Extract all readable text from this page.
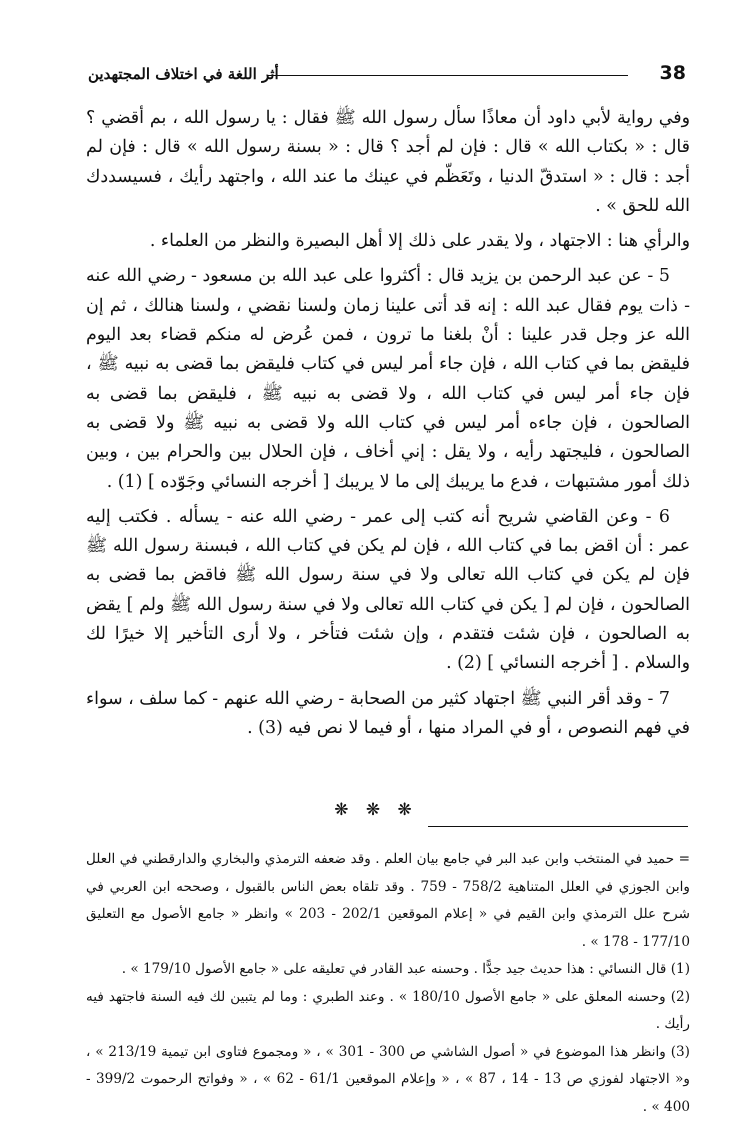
38
أثر اللغة في اختلاف المجتهدين

وفي رواية لأبي داود أن معاذًا سأل رسول الله ﷺ فقال : يا رسول الله ، بم أقضي ؟ قال : « بكتاب الله » قال : فإن لم أجد ؟ قال : « بسنة رسول الله » قال : فإن لم أجد : قال : « استدقّ الدنيا ، وتَعَظّم في عينك ما عند الله ، واجتهد رأيك ، فسيسددك الله للحق » .

والرأي هنا : الاجتهاد ، ولا يقدر على ذلك إلا أهل البصيرة والنظر من العلماء .

5 - عن عبد الرحمن بن يزيد قال : أكثروا على عبد الله بن مسعود - رضي الله عنه - ذات يوم فقال عبد الله : إنه قد أتى علينا زمان ولسنا نقضي ، ولسنا هنالك ، ثم إن الله عز وجل قدر علينا : أنْ بلغنا ما ترون ، فمن عُرض له منكم قضاء بعد اليوم فليقض بما في كتاب الله ، فإن جاء أمر ليس في كتاب فليقض بما قضى به نبيه ﷺ ، فإن جاء أمر ليس في كتاب الله ، ولا قضى به نبيه ﷺ ، فليقض بما قضى به الصالحون ، فإن جاءه أمر ليس في كتاب الله ولا قضى به نبيه ﷺ ولا قضى به الصالحون ، فليجتهد رأيه ، ولا يقل : إني أخاف ، فإن الحلال بين والحرام بين ، وبين ذلك أمور مشتبهات ، فدع ما يريبك إلى ما لا يريبك [ أخرجه النسائي وجَوّده ] (1) .

6 - وعن القاضي شريح أنه كتب إلى عمر - رضي الله عنه - يسأله . فكتب إليه عمر : أن اقض بما في كتاب الله ، فإن لم يكن في كتاب الله ، فبسنة رسول الله ﷺ فإن لم يكن في كتاب الله تعالى ولا في سنة رسول الله ﷺ فاقض بما قضى به الصالحون ، فإن لم [ يكن في كتاب الله تعالى ولا في سنة رسول الله ﷺ ولم ] يقض به الصالحون ، فإن شئت فتقدم ، وإن شئت فتأخر ، ولا أرى التأخير إلا خيرًا لك والسلام . [ أخرجه النسائي ] (2) .

7 - وقد أقر النبي ﷺ اجتهاد كثير من الصحابة - رضي الله عنهم - كما سلف ، سواء في فهم النصوص ، أو في المراد منها ، أو فيما لا نص فيه (3) .

❋ ❋ ❋

= حميد في المنتخب وابن عبد البر في جامع بيان العلم . وقد ضعفه الترمذي والبخاري والدارقطني في العلل وابن الجوزي في العلل المتناهية 758/2 - 759 . وقد تلقاه بعض الناس بالقبول ، وصححه ابن العربي في شرح علل الترمذي وابن القيم في « إعلام الموقعين 202/1 - 203 » وانظر « جامع الأصول مع التعليق 177/10 - 178 » .

(1) قال النسائي : هذا حديث جيد جدًّا . وحسنه عبد القادر في تعليقه على « جامع الأصول 179/10 » .

(2) وحسنه المعلق على « جامع الأصول 180/10 » . وعند الطبري : وما لم يتبين لك فيه السنة فاجتهد فيه رأيك .

(3) وانظر هذا الموضوع في « أصول الشاشي ص 300 - 301 » ، « ومجموع فتاوى ابن تيمية 213/19 » ، و« الاجتهاد لفوزي ص 13 - 14 ، 87 » ، « وإعلام الموقعين 61/1 - 62 » ، « وفواتح الرحموت 399/2 - 400 » .
